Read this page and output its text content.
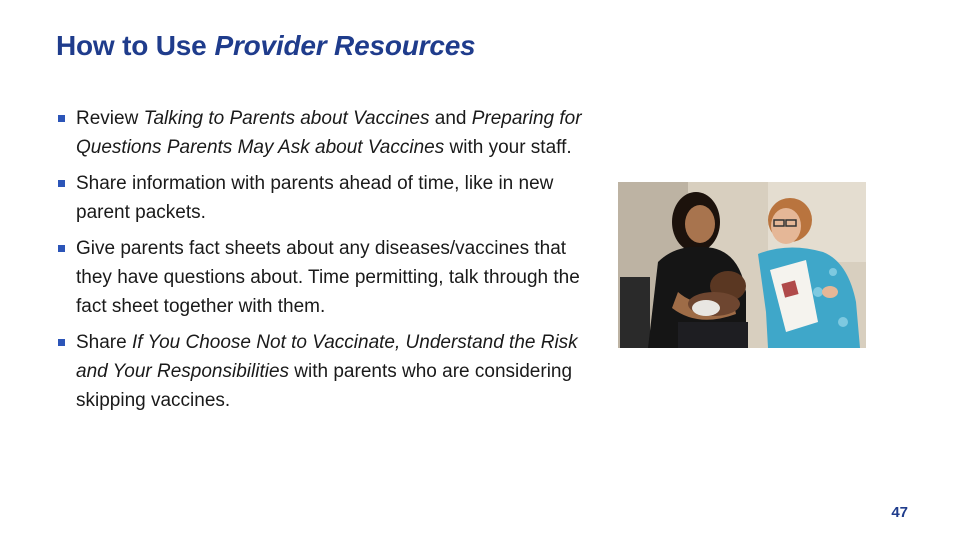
How to Use Provider Resources
Review Talking to Parents about Vaccines and Preparing for Questions Parents May Ask about Vaccines with your staff.
Share information with parents ahead of time, like in new parent packets.
Give parents fact sheets about any diseases/vaccines that they have questions about. Time permitting, talk through the fact sheet together with them.
Share If You Choose Not to Vaccinate, Understand the Risk and Your Responsibilities with parents who are considering skipping vaccines.
47
